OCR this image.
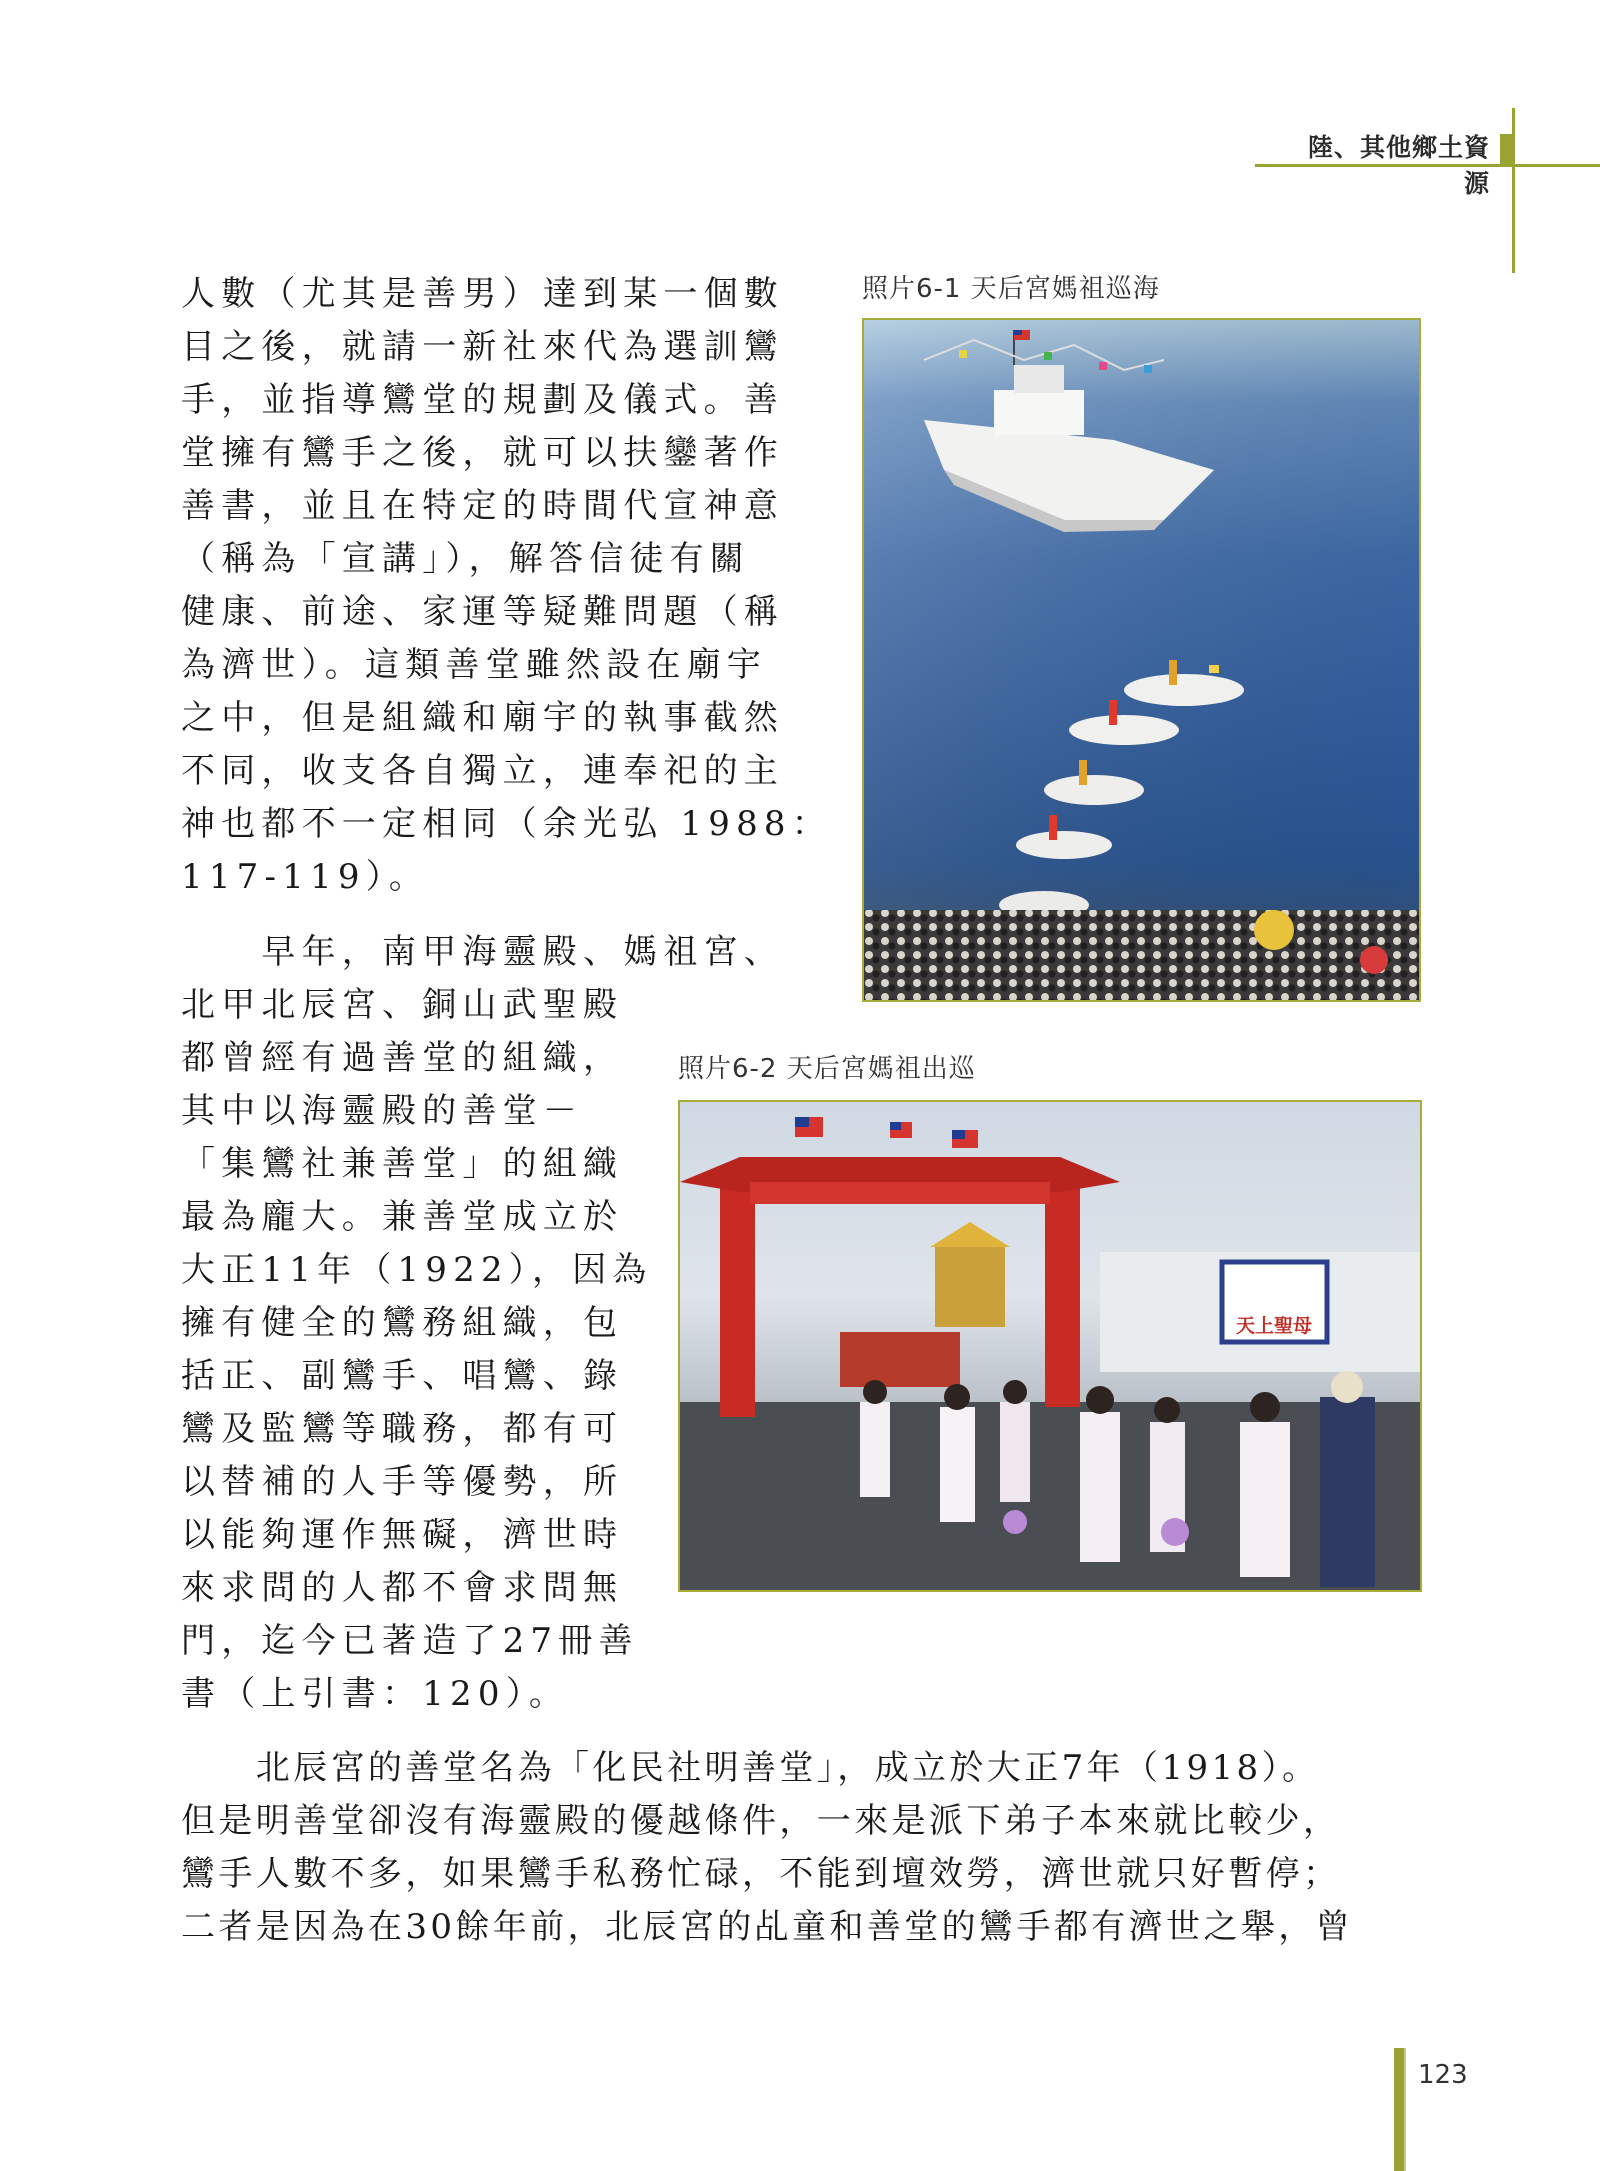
陸、其他鄉土資源

人數（尤其是善男）達到某一個數
目之後，就請一新社來代為選訓鸞
手，並指導鸞堂的規劃及儀式。善
堂擁有鸞手之後，就可以扶鑾著作
善書，並且在特定的時間代宣神意
（稱為「宣講」），解答信徒有關
健康、前途、家運等疑難問題（稱
為濟世）。這類善堂雖然設在廟宇
之中，但是組織和廟宇的執事截然
不同，收支各自獨立，連奉祀的主
神也都不一定相同（余光弘 1988：
117-119）。

照片6-1 天后宮媽祖巡海

　　早年，南甲海靈殿、媽祖宮、
北甲北辰宮、銅山武聖殿
都曾經有過善堂的組織，
其中以海靈殿的善堂－
「集鸞社兼善堂」的組織
最為龐大。兼善堂成立於
大正11年（1922），因為
擁有健全的鸞務組織，包
括正、副鸞手、唱鸞、錄
鸞及監鸞等職務，都有可
以替補的人手等優勢，所
以能夠運作無礙，濟世時
來求問的人都不會求問無
門，迄今已著造了27冊善
書（上引書：120）。

照片6-2 天后宮媽祖出巡
天上聖母

　　北辰宮的善堂名為「化民社明善堂」，成立於大正7年（1918）。
但是明善堂卻沒有海靈殿的優越條件，一來是派下弟子本來就比較少，
鸞手人數不多，如果鸞手私務忙碌，不能到壇效勞，濟世就只好暫停；
二者是因為在30餘年前，北辰宮的乩童和善堂的鸞手都有濟世之舉，曾

123
